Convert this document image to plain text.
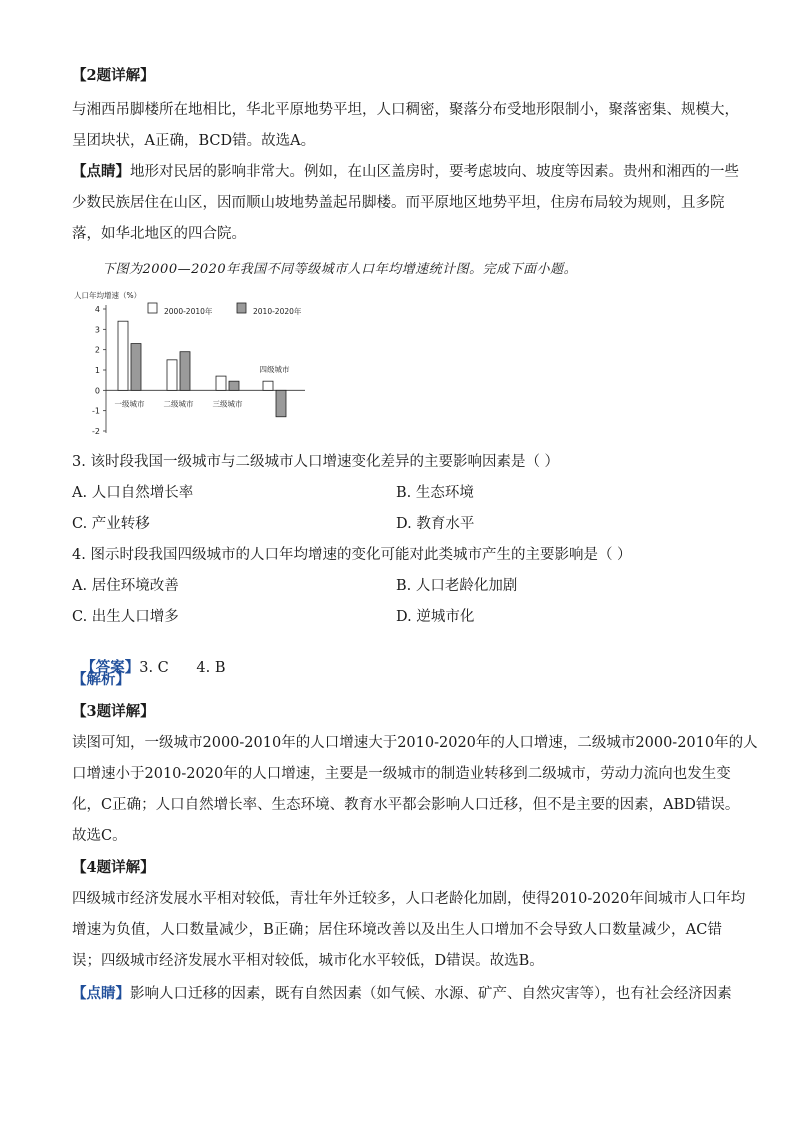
【2题详解】
与湘西吊脚楼所在地相比，华北平原地势平坦，人口稠密，聚落分布受地形限制小，聚落密集、规模大，
呈团块状，A正确，BCD错。故选A。
【点睛】地形对民居的影响非常大。例如，在山区盖房时，要考虑坡向、坡度等因素。贵州和湘西的一些
少数民族居住在山区，因而顺山坡地势盖起吊脚楼。而平原地区地势平坦，住房布局较为规则，且多院
落，如华北地区的四合院。
下图为2000—2020年我国不同等级城市人口年均增速统计图。完成下面小题。
人口年均增速（%）
4
3
2
1
0
-1
-2
一级城市	二级城市	三级城市
四级城市
2000-2010年	2010-2020年
3. 该时段我国一级城市与二级城市人口增速变化差异的主要影响因素是（ ）
A. 人口自然增长率	B. 生态环境
C. 产业转移	D. 教育水平
4. 图示时段我国四级城市的人口年均增速的变化可能对此类城市产生的主要影响是（ ）
A. 居住环境改善	B. 人口老龄化加剧
C. 出生人口增多	D. 逆城市化

【答案】3. C      4. B

【解析】
【3题详解】
读图可知，一级城市2000-2010年的人口增速大于2010-2020年的人口增速，二级城市2000-2010年的人
口增速小于2010-2020年的人口增速，主要是一级城市的制造业转移到二级城市，劳动力流向也发生变
化，C正确；人口自然增长率、生态环境、教育水平都会影响人口迁移，但不是主要的因素，ABD错误。
故选C。
【4题详解】
四级城市经济发展水平相对较低，青壮年外迁较多，人口老龄化加剧，使得2010-2020年间城市人口年均
增速为负值，人口数量减少，B正确；居住环境改善以及出生人口增加不会导致人口数量减少，AC错
误；四级城市经济发展水平相对较低，城市化水平较低，D错误。故选B。
【点睛】影响人口迁移的因素，既有自然因素（如气候、水源、矿产、自然灾害等），也有社会经济因素
